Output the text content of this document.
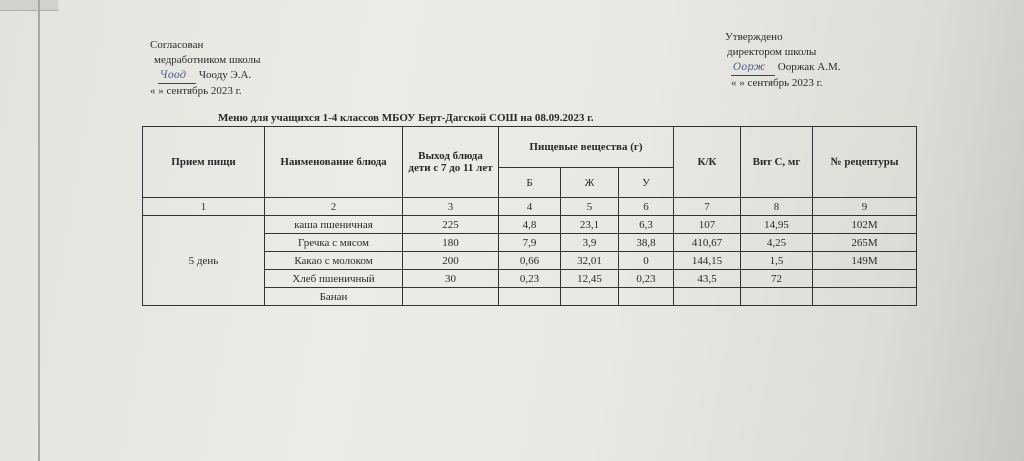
Согласован
медработником школы
Чоод Чооду Э.А.
« » сентябрь 2023 г.
Утверждено
директором школы
Оорж Ооржак А.М.
« » сентябрь 2023 г.
Меню для учащихся 1-4 классов МБОУ Берт-Дагской СОШ на 08.09.2023 г.
Прием пищи	Наименование блюда	Выход блюда дети с 7 до 11 лет	Пищевые вещества (г)			К/К	Вит С, мг	№ рецептуры
			Б	Ж	У			
1	2	3	4	5	6	7	8	9
5 день	каша пшеничная	225	4,8	23,1	6,3	107	14,95	102М
	Гречка с мясом	180	7,9	3,9	38,8	410,67	4,25	265М
	Какао с молоком	200	0,66	32,01	0	144,15	1,5	149М
	Хлеб пшеничный	30	0,23	12,45	0,23	43,5	72	
	Банан							
